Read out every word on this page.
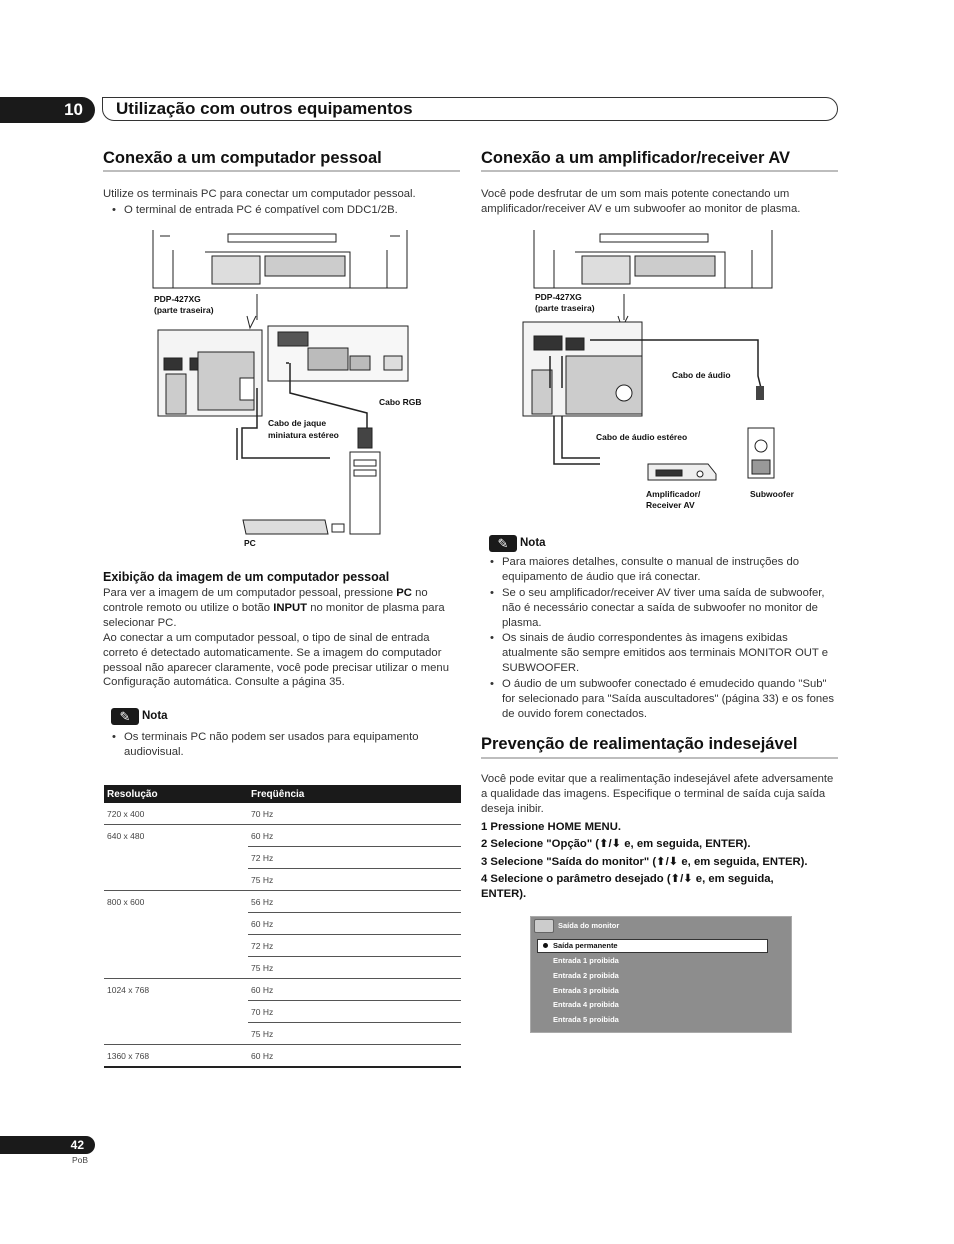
10	Utilização com outros equipamentos
Conexão a um computador pessoal
Utilize os terminais PC para conectar um computador pessoal.
• O terminal de entrada PC é compatível com DDC1/2B.
PDP-427XG
(parte traseira)
Cabo RGB
Cabo de jaque
miniatura estéreo
PC
Exibição da imagem de um computador pessoal
Para ver a imagem de um computador pessoal, pressione PC no controle remoto ou utilize o botão INPUT no monitor de plasma para selecionar PC.
Ao conectar a um computador pessoal, o tipo de sinal de entrada correto é detectado automaticamente. Se a imagem do computador pessoal não aparecer claramente, você pode precisar utilizar o menu Configuração automática. Consulte a página 35.
✎	Nota
• Os terminais PC não podem ser usados para equipamento audiovisual.
Resolução	Freqüência
720 x 400	70 Hz
640 x 480	60 Hz
	72 Hz
	75 Hz
800 x 600	56 Hz
	60 Hz
	72 Hz
	75 Hz
1024 x 768	60 Hz
	70 Hz
	75 Hz
1360 x 768	60 Hz
Conexão a um amplificador/receiver AV
Você pode desfrutar de um som mais potente conectando um amplificador/receiver AV e um subwoofer ao monitor de plasma.
PDP-427XG
(parte traseira)
Cabo de áudio
Cabo de áudio estéreo
Amplificador/
Receiver AV
Subwoofer
✎	Nota
• Para maiores detalhes, consulte o manual de instruções do equipamento de áudio que irá conectar.
• Se o seu amplificador/receiver AV tiver uma saída de subwoofer, não é necessário conectar a saída de subwoofer no monitor de plasma.
• Os sinais de áudio correspondentes às imagens exibidas atualmente são sempre emitidos aos terminais MONITOR OUT e SUBWOOFER.
• O áudio de um subwoofer conectado é emudecido quando "Sub" for selecionado para "Saída auscultadores" (página 33) e os fones de ouvido forem conectados.
Prevenção de realimentação indesejável
Você pode evitar que a realimentação indesejável afete adversamente a qualidade das imagens. Especifique o terminal de saída cuja saída deseja inibir.
1 Pressione HOME MENU.
2 Selecione "Opção" (⬆/⬇ e, em seguida, ENTER).
3 Selecione "Saída do monitor" (⬆/⬇ e, em seguida, ENTER).
4 Selecione o parâmetro desejado (⬆/⬇ e, em seguida,
ENTER).
Saída do monitor
Saída permanente
Entrada 1 proibida
Entrada 2 proibida
Entrada 3 proibida
Entrada 4 proibida
Entrada 5 proibida
42
PoB
